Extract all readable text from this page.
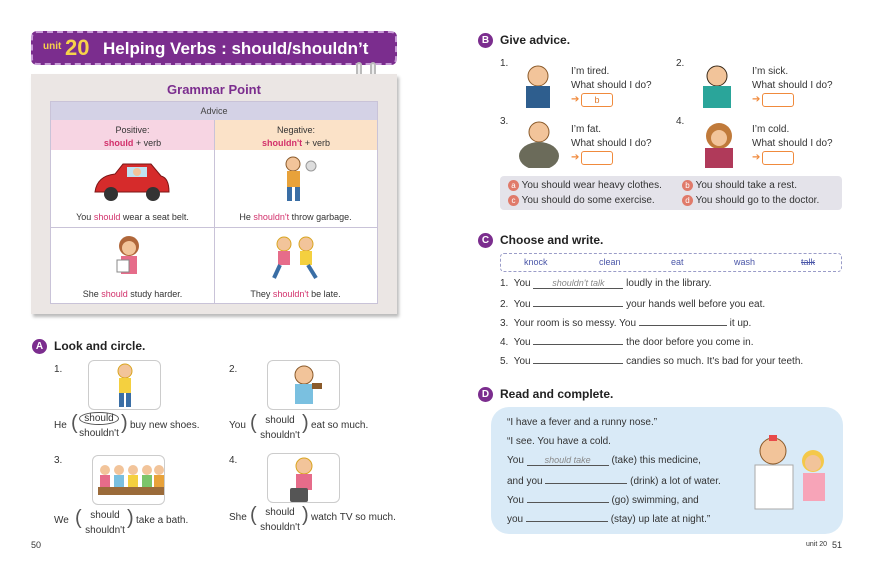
unit 20 Helping Verbs : should/shouldn’t
Grammar Point
Advice
Positive:
should + verb
Negative:
shouldn't + verb
You should wear a seat belt.	He shouldn't throw garbage.
She should study harder.	They shouldn't be late.
A Look and circle.
1.
He ( should
shouldn't ) buy new shoes.
2.
You ( should
shouldn't
) eat so much.
3.
We ( should
shouldn't
) take a bath.
4.
She ( should
shouldn't
) watch TV so much.
50
B Give advice.
1.
I’m tired.
What should I do?
➔	b
2.
I’m sick.
What should I do?
➔
3.
I’m fat.
What should I do?
➔
4.
I’m cold.
What should I do?
➔
a You should wear heavy clothes.	b You should take a rest.
c You should do some exercise.	d You should go to the doctor.
C Choose and write.
knock	clean	eat	wash	talk
1. You shouldn't talk loudly in the library.
2. You	your hands well before you eat.
3. Your room is so messy. You	it up.
4. You	the door before you come in.
5. You	candies so much. It's bad for your teeth.
D Read and complete.
“I have a fever and a runny nose.”
“I see. You have a cold.
You should take (take) this medicine,
and you	(drink) a lot of water.
You	(go) swimming, and
you	(stay) up late at night.”
unit 20 51
